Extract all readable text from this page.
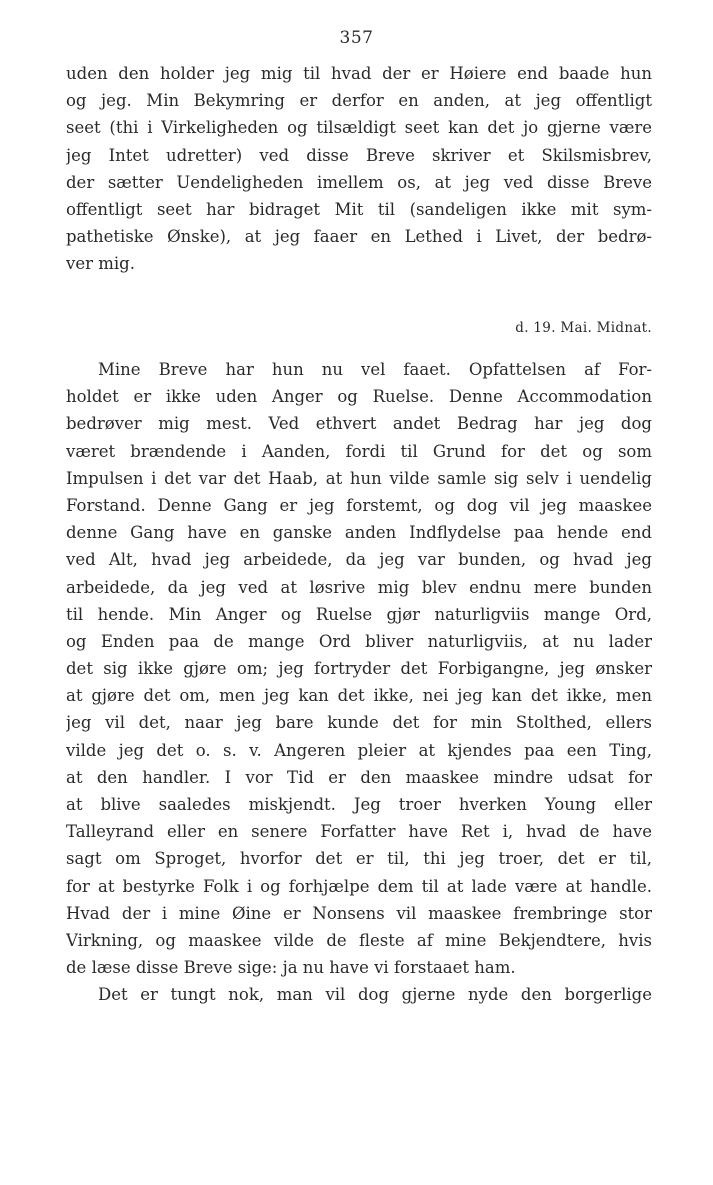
357
uden den holder jeg mig til hvad der er Høiere end baade hun
og jeg. Min Bekymring er derfor en anden, at jeg offentligt
seet (thi i Virkeligheden og tilsældigt seet kan det jo gjerne være
jeg Intet udretter) ved disse Breve skriver et Skilsmisbrev,
der sætter Uendeligheden imellem os, at jeg ved disse Breve
offentligt seet har bidraget Mit til (sandeligen ikke mit sym-
pathetiske Ønske), at jeg faaer en Lethed i Livet, der bedrø-
ver mig.
d. 19. Mai. Midnat.
Mine Breve har hun nu vel faaet. Opfattelsen af For-
holdet er ikke uden Anger og Ruelse. Denne Accommodation
bedrøver mig mest. Ved ethvert andet Bedrag har jeg dog
været brændende i Aanden, fordi til Grund for det og som
Impulsen i det var det Haab, at hun vilde samle sig selv i uendelig
Forstand. Denne Gang er jeg forstemt, og dog vil jeg maaskee
denne Gang have en ganske anden Indflydelse paa hende end
ved Alt, hvad jeg arbeidede, da jeg var bunden, og hvad jeg
arbeidede, da jeg ved at løsrive mig blev endnu mere bunden
til hende. Min Anger og Ruelse gjør naturligviis mange Ord,
og Enden paa de mange Ord bliver naturligviis, at nu lader
det sig ikke gjøre om; jeg fortryder det Forbigangne, jeg ønsker
at gjøre det om, men jeg kan det ikke, nei jeg kan det ikke, men
jeg vil det, naar jeg bare kunde det for min Stolthed, ellers
vilde jeg det o. s. v. Angeren pleier at kjendes paa een Ting,
at den handler. I vor Tid er den maaskee mindre udsat for
at blive saaledes miskjendt. Jeg troer hverken Young eller
Talleyrand eller en senere Forfatter have Ret i, hvad de have
sagt om Sproget, hvorfor det er til, thi jeg troer, det er til,
for at bestyrke Folk i og forhjælpe dem til at lade være at handle.
Hvad der i mine Øine er Nonsens vil maaskee frembringe stor
Virkning, og maaskee vilde de fleste af mine Bekjendtere, hvis
de læse disse Breve sige: ja nu have vi forstaaet ham.
Det er tungt nok, man vil dog gjerne nyde den borgerlige
